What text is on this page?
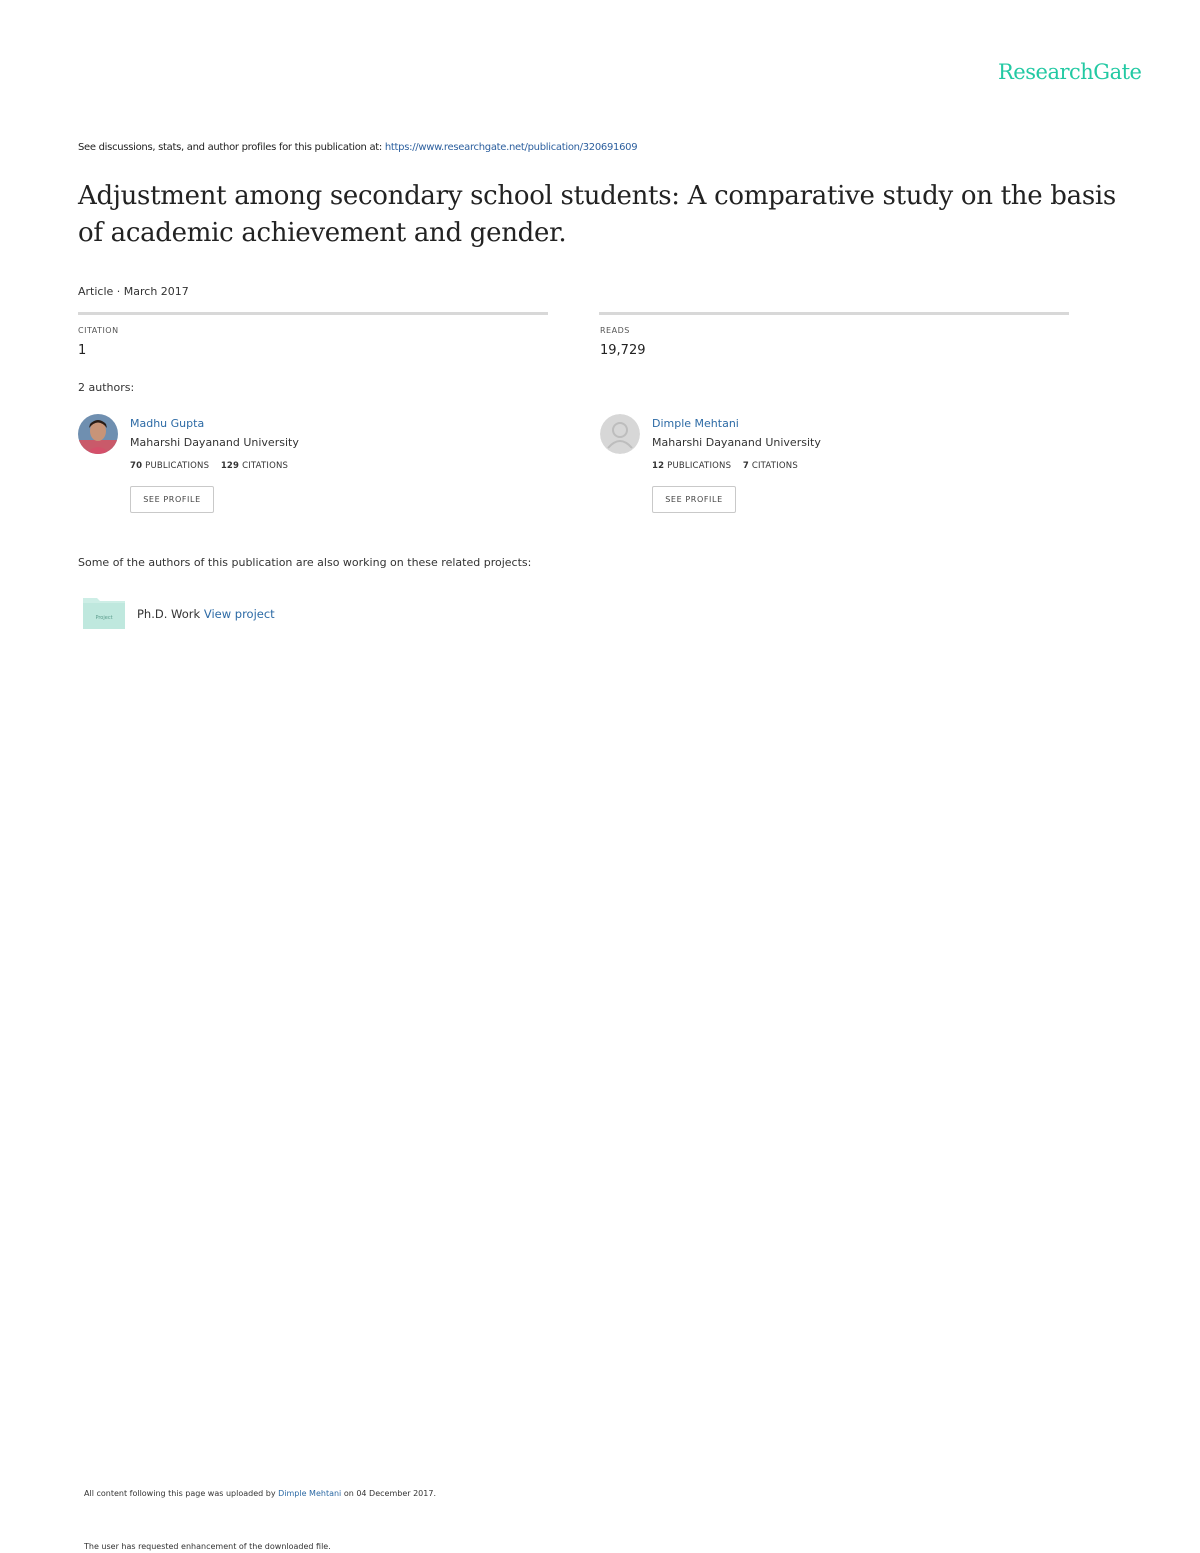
ResearchGate
See discussions, stats, and author profiles for this publication at: https://www.researchgate.net/publication/320691609
Adjustment among secondary school students: A comparative study on the basis of academic achievement and gender.
Article · March 2017
CITATION
1
READS
19,729
2 authors:
Madhu Gupta
Maharshi Dayanand University
70 PUBLICATIONS 129 CITATIONS
SEE PROFILE
Dimple Mehtani
Maharshi Dayanand University
12 PUBLICATIONS 7 CITATIONS
SEE PROFILE
Some of the authors of this publication are also working on these related projects:
Project Ph.D. Work View project
All content following this page was uploaded by Dimple Mehtani on 04 December 2017.
The user has requested enhancement of the downloaded file.
